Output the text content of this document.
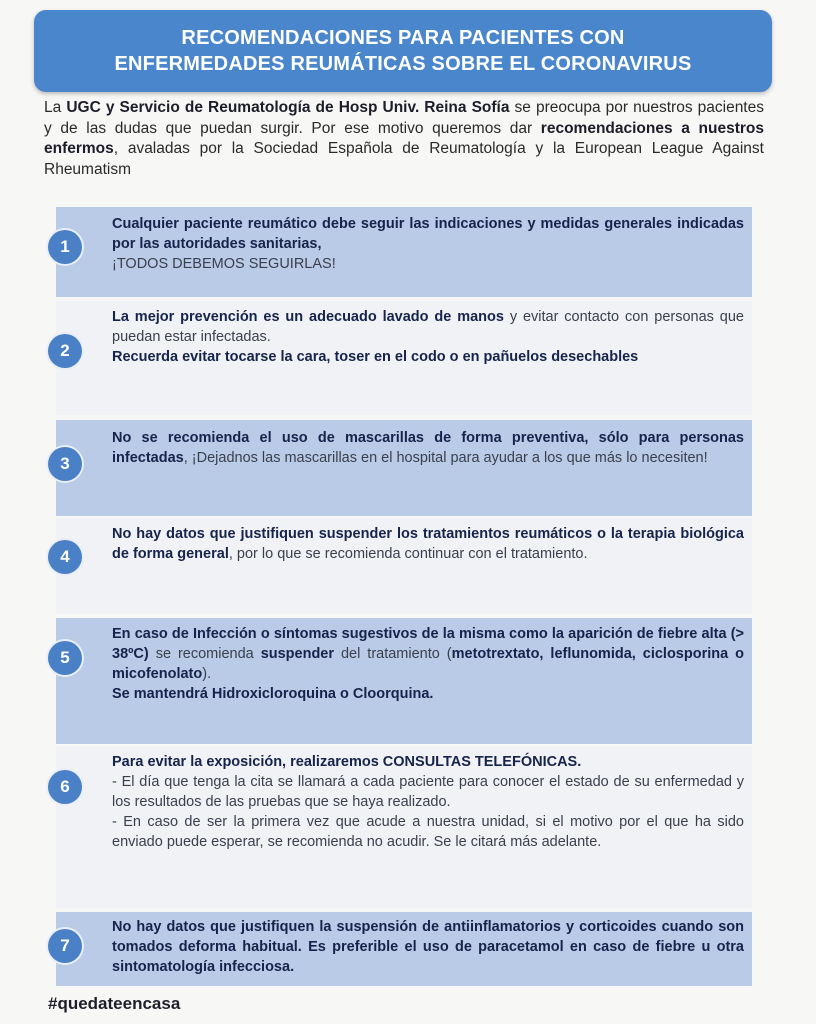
RECOMENDACIONES PARA PACIENTES CON
ENFERMEDADES REUMÁTICAS SOBRE EL CORONAVIRUS
La UGC y Servicio de Reumatología de Hosp Univ. Reina Sofía se preocupa por nuestros pacientes y de las dudas que puedan surgir. Por ese motivo queremos dar recomendaciones a nuestros enfermos, avaladas por la Sociedad Española de Reumatología y la European League Against Rheumatism
1
Cualquier paciente reumático debe seguir las indicaciones y medidas generales indicadas por las autoridades sanitarias,
¡TODOS DEBEMOS SEGUIRLAS!
2
La mejor prevención es un adecuado lavado de manos y evitar contacto con personas que puedan estar infectadas.
Recuerda evitar tocarse la cara, toser en el codo o en pañuelos desechables
3
No se recomienda el uso de mascarillas de forma preventiva, sólo para personas infectadas, ¡Dejadnos las mascarillas en el hospital para ayudar a los que más lo necesiten!
4
No hay datos que justifiquen suspender los tratamientos reumáticos o la terapia biológica de forma general, por lo que se recomienda continuar con el tratamiento.
5
En caso de Infección o síntomas sugestivos de la misma como la aparición de fiebre alta (> 38ºC) se recomienda suspender del tratamiento (metotrextato, leflunomida, ciclosporina o micofenolato).
Se mantendrá Hidroxicloroquina o Cloorquina.
6
Para evitar la exposición, realizaremos CONSULTAS TELEFÓNICAS.
- El día que tenga la cita se llamará a cada paciente para conocer el estado de su enfermedad y los resultados de las pruebas que se haya realizado.
- En caso de ser la primera vez que acude a nuestra unidad, si el motivo por el que ha sido enviado puede esperar, se recomienda no acudir. Se le citará más adelante.
7
No hay datos que justifiquen la suspensión de antiinflamatorios y corticoides cuando son tomados deforma habitual. Es preferible el uso de paracetamol en caso de fiebre u otra sintomatología infecciosa.
#quedateencasa
